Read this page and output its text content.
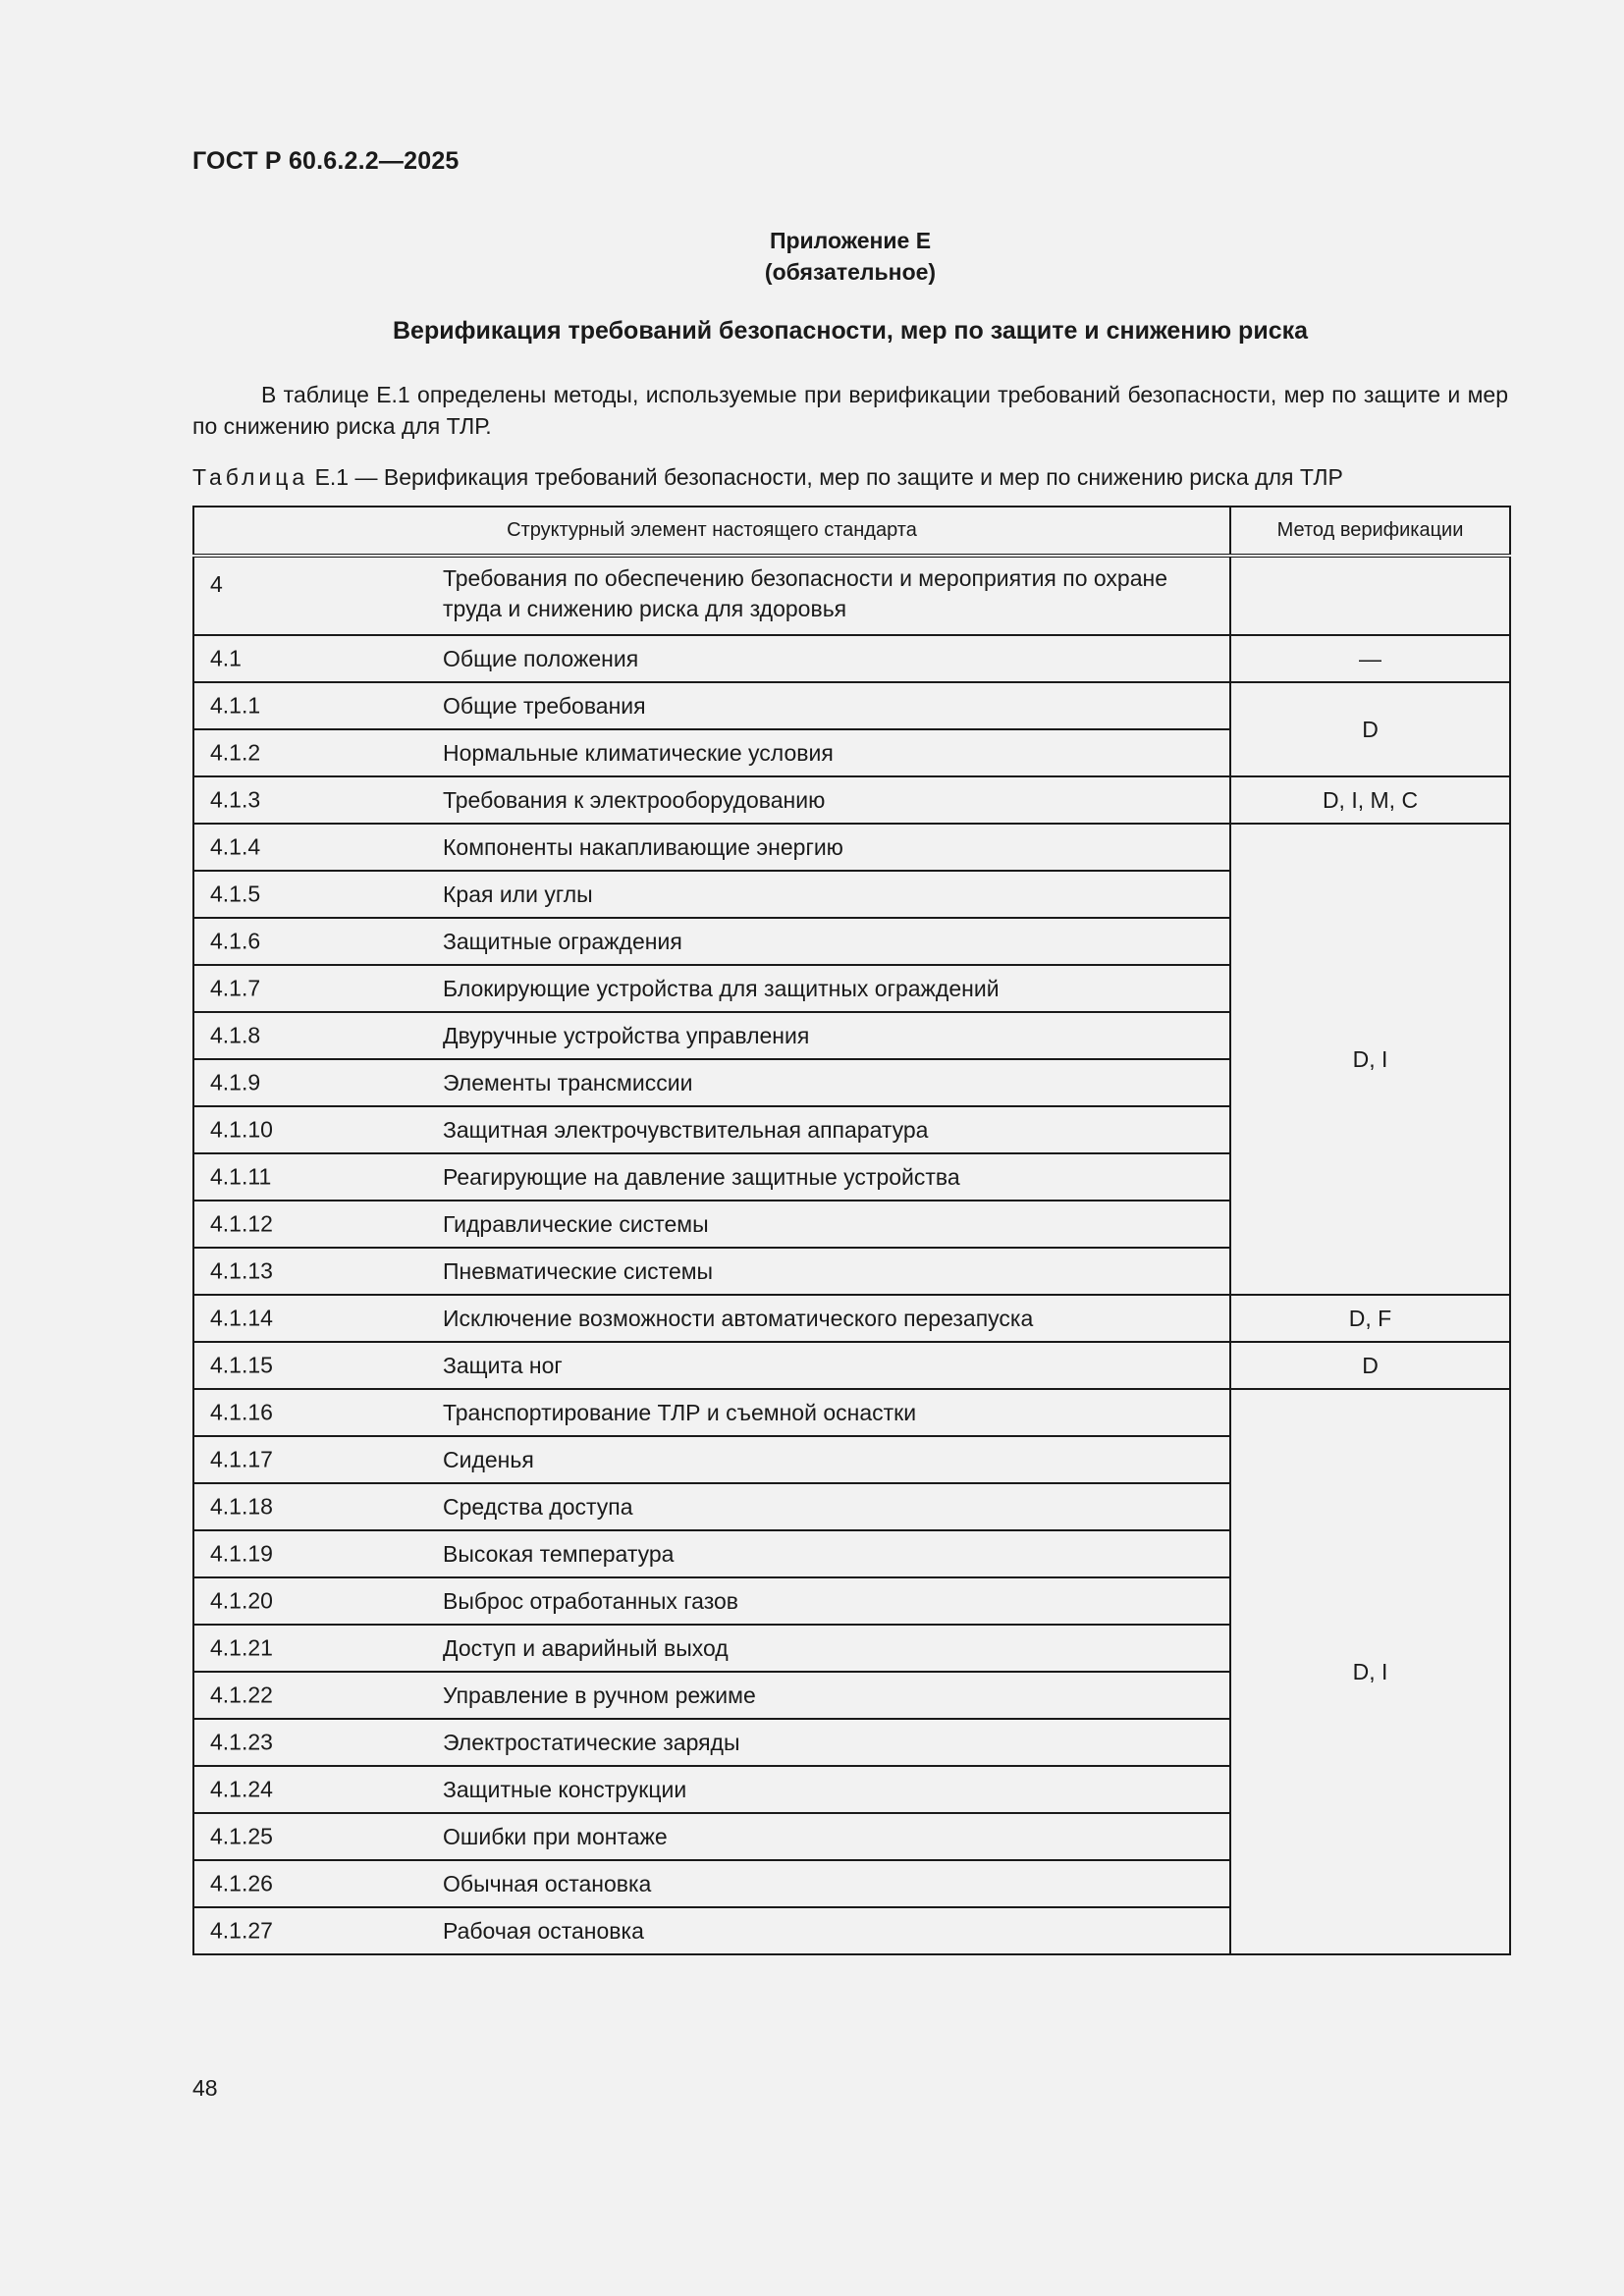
ГОСТ Р 60.6.2.2—2025
Приложение Е
(обязательное)
Верификация требований безопасности, мер по защите и снижению риска
В таблице Е.1 определены методы, используемые при верификации требований безопасности, мер по защите и мер по снижению риска для ТЛР.
Таблица Е.1 — Верификация требований безопасности, мер по защите и мер по снижению риска для ТЛР
Структурный элемент настоящего стандарта	Метод верификации

4 Требования по обеспечению безопасности и мероприятия по охране труда и снижению риска для здоровья	

4.1 Общие положения	—

4.1.1 Общие требования	D

4.1.2 Нормальные климатические условия	

4.1.3 Требования к электрооборудованию	D, I, M, C

4.1.4 Компоненты накапливающие энергию	D, I

4.1.5 Края или углы	

4.1.6 Защитные ограждения	

4.1.7 Блокирующие устройства для защитных ограждений	

4.1.8 Двуручные устройства управления	

4.1.9 Элементы трансмиссии	

4.1.10 Защитная электрочувствительная аппаратура	

4.1.11 Реагирующие на давление защитные устройства	

4.1.12 Гидравлические системы	

4.1.13 Пневматические системы	

4.1.14 Исключение возможности автоматического перезапуска	D, F

4.1.15 Защита ног	D

4.1.16 Транспортирование ТЛР и съемной оснастки	D, I

4.1.17 Сиденья	

4.1.18 Средства доступа	

4.1.19 Высокая температура	

4.1.20 Выброс отработанных газов	

4.1.21 Доступ и аварийный выход	

4.1.22 Управление в ручном режиме	

4.1.23 Электростатические заряды	

4.1.24 Защитные конструкции	

4.1.25 Ошибки при монтаже	

4.1.26 Обычная остановка	

4.1.27 Рабочая остановка	
48
